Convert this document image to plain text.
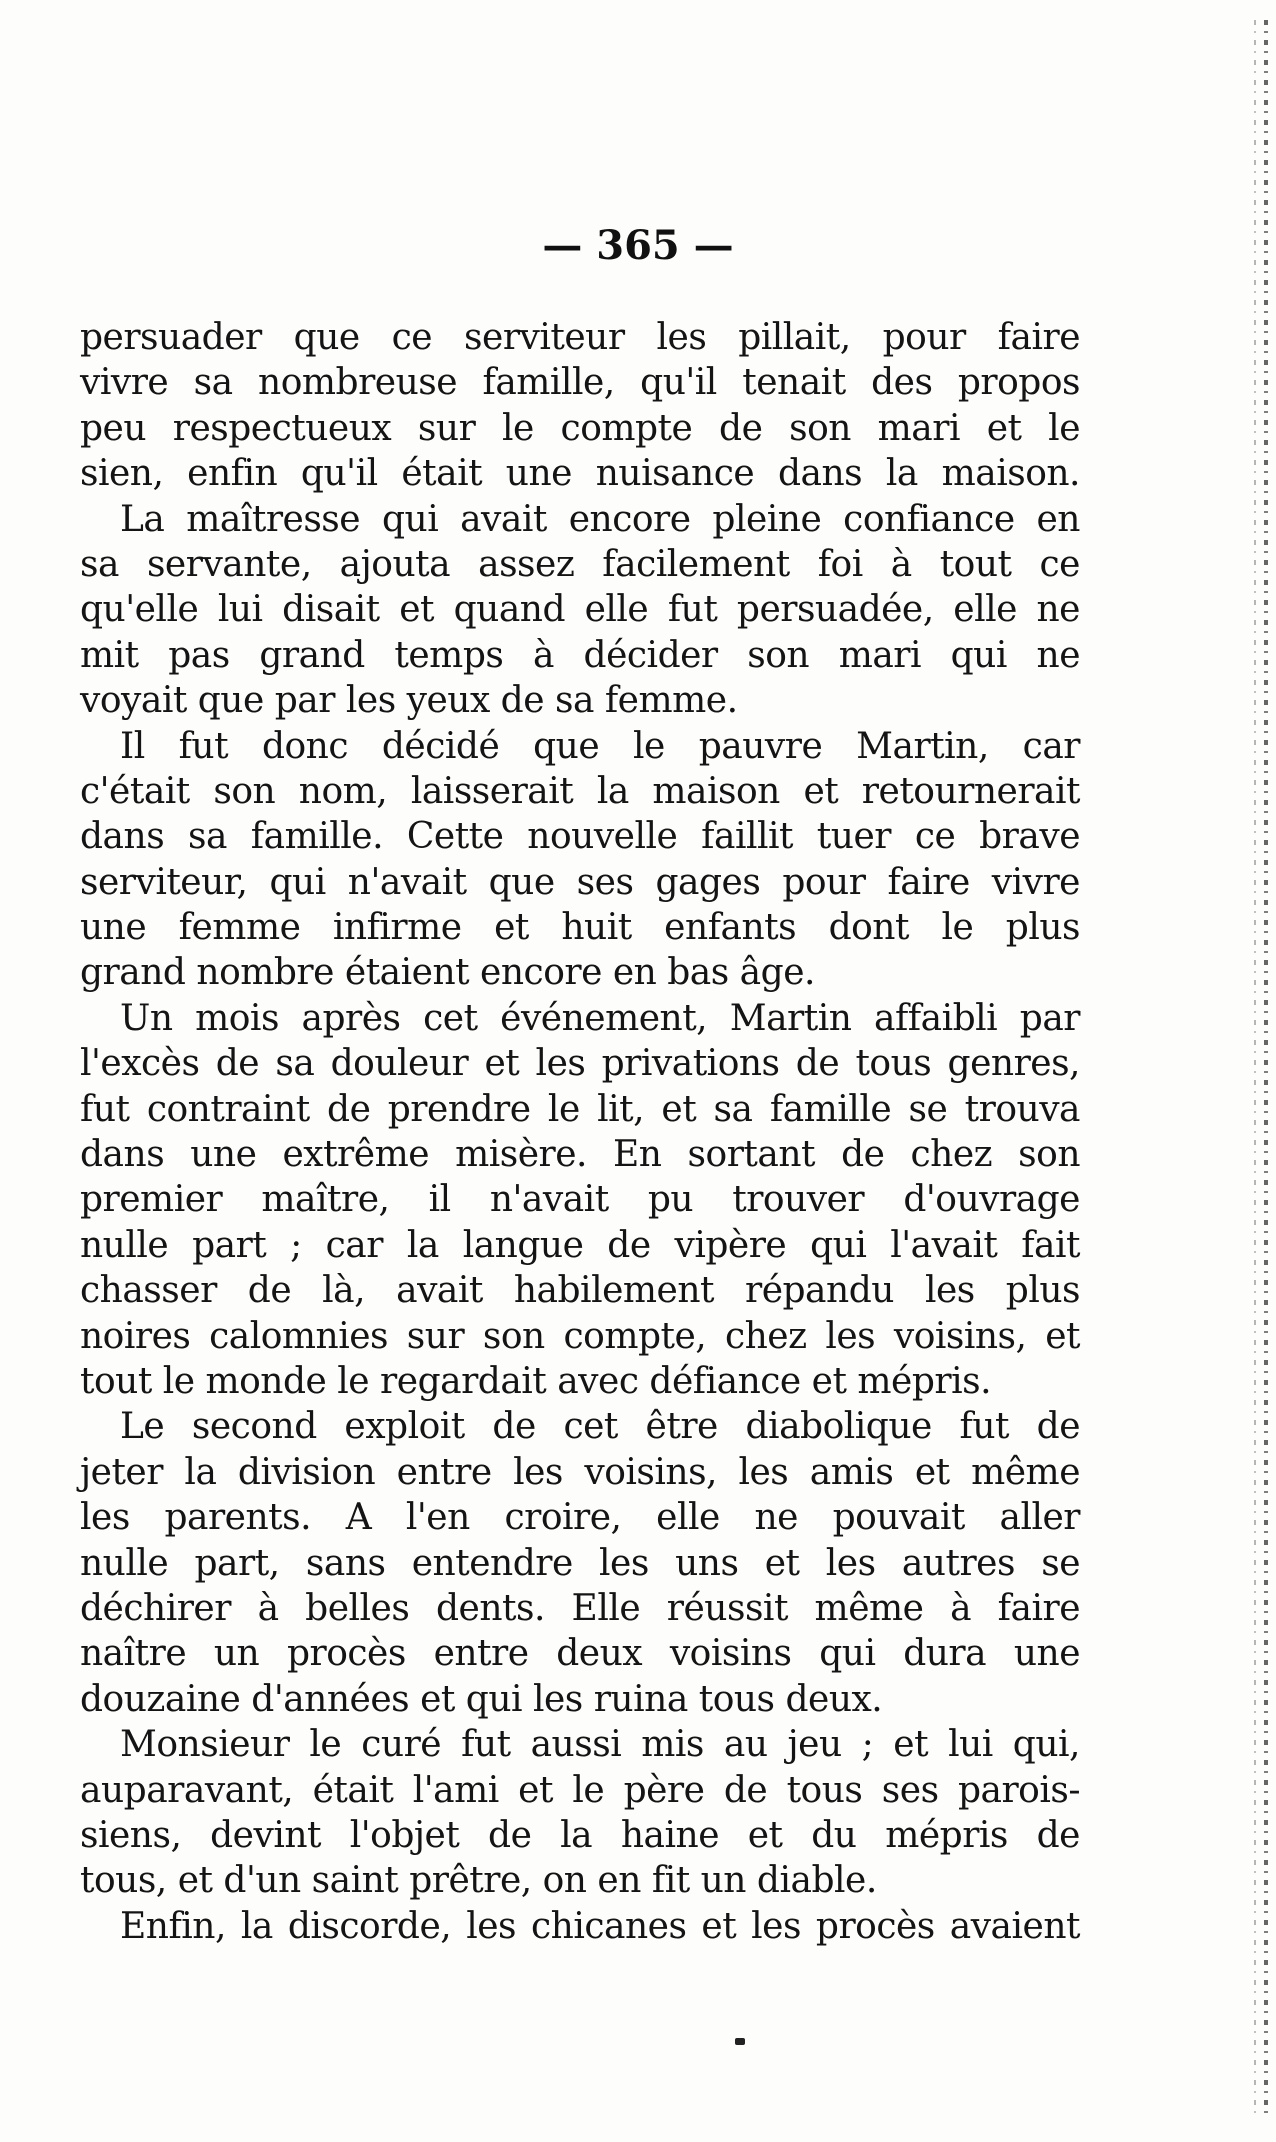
— 365 —

persuader que ce serviteur les pillait, pour faire
vivre sa nombreuse famille, qu'il tenait des propos
peu respectueux sur le compte de son mari et le
sien, enfin qu'il était une nuisance dans la maison.

La maîtresse qui avait encore pleine confiance en
sa servante, ajouta assez facilement foi à tout ce
qu'elle lui disait et quand elle fut persuadée, elle ne
mit pas grand temps à décider son mari qui ne
voyait que par les yeux de sa femme.

Il fut donc décidé que le pauvre Martin, car
c'était son nom, laisserait la maison et retournerait
dans sa famille. Cette nouvelle faillit tuer ce brave
serviteur, qui n'avait que ses gages pour faire vivre
une femme infirme et huit enfants dont le plus
grand nombre étaient encore en bas âge.

Un mois après cet événement, Martin affaibli par
l'excès de sa douleur et les privations de tous genres,
fut contraint de prendre le lit, et sa famille se trouva
dans une extrême misère. En sortant de chez son
premier maître, il n'avait pu trouver d'ouvrage
nulle part ; car la langue de vipère qui l'avait fait
chasser de là, avait habilement répandu les plus
noires calomnies sur son compte, chez les voisins, et
tout le monde le regardait avec défiance et mépris.

Le second exploit de cet être diabolique fut de
jeter la division entre les voisins, les amis et même
les parents. A l'en croire, elle ne pouvait aller
nulle part, sans entendre les uns et les autres se
déchirer à belles dents. Elle réussit même à faire
naître un procès entre deux voisins qui dura une
douzaine d'années et qui les ruina tous deux.

Monsieur le curé fut aussi mis au jeu ; et lui qui,
auparavant, était l'ami et le père de tous ses parois-
siens, devint l'objet de la haine et du mépris de
tous, et d'un saint prêtre, on en fit un diable.

Enfin, la discorde, les chicanes et les procès avaient
